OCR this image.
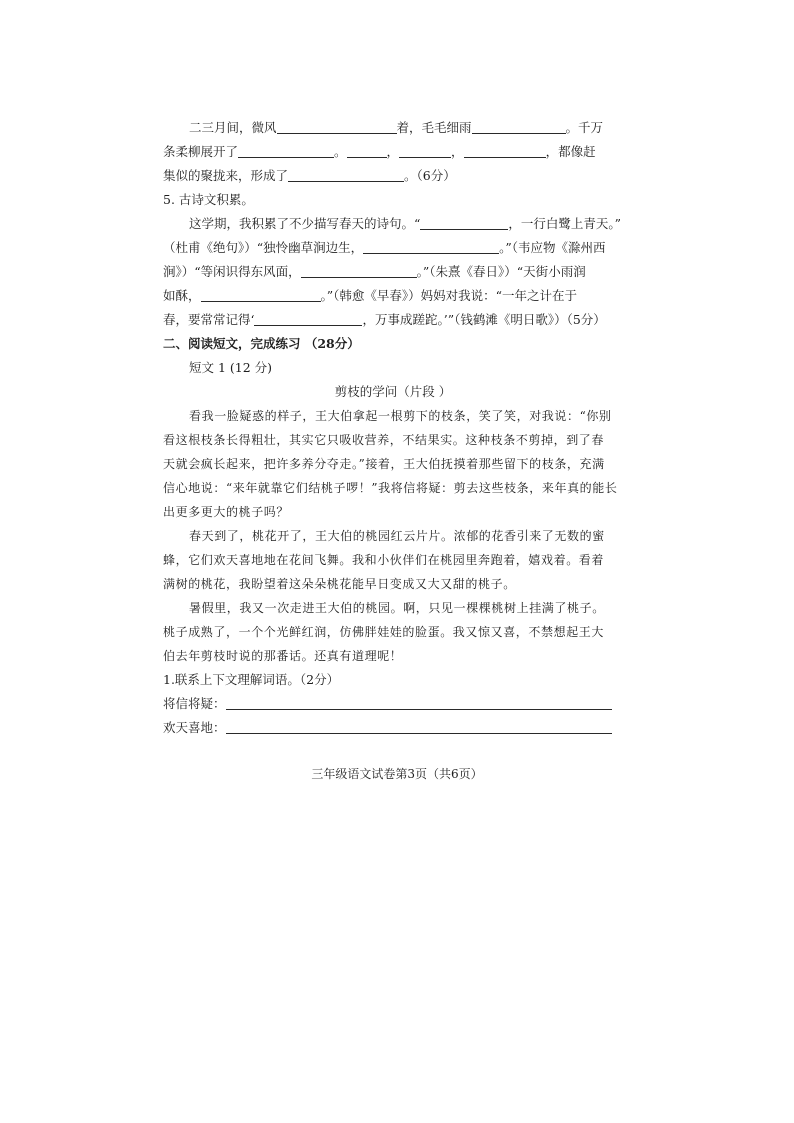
二三月间，微风	着，毛毛细雨	。千万
条柔柳展开了	。	，	，	，都像赶
集似的聚拢来，形成了	。（6分）
5. 古诗文积累。
这学期，我积累了不少描写春天的诗句。“	，一行白鹭上青天。”
（杜甫《绝句》）“独怜幽草涧边生，	。”（韦应物《滁州西
涧》）“等闲识得东风面，	。”（朱熹《春日》）“天街小雨润
如酥，	。”（韩愈《早春》）妈妈对我说：“一年之计在于
春，要常常记得‘	，万事成蹉跎。’”（钱鹤滩《明日歌》）（5分）
二、阅读短文，完成练习 （28分）
短文 1 (12 分)
剪枝的学问（片段 ）
看我一脸疑惑的样子，王大伯拿起一根剪下的枝条，笑了笑，对我说：“你别
看这根枝条长得粗壮，其实它只吸收营养，不结果实。这种枝条不剪掉，到了春
天就会疯长起来，把许多养分夺走。”接着，王大伯抚摸着那些留下的枝条，充满
信心地说：“来年就靠它们结桃子啰！”我将信将疑：剪去这些枝条，来年真的能长
出更多更大的桃子吗？
春天到了，桃花开了，王大伯的桃园红云片片。浓郁的花香引来了无数的蜜
蜂，它们欢天喜地地在花间飞舞。我和小伙伴们在桃园里奔跑着，嬉戏着。看着
满树的桃花，我盼望着这朵朵桃花能早日变成又大又甜的桃子。
暑假里，我又一次走进王大伯的桃园。啊，只见一棵棵桃树上挂满了桃子。
桃子成熟了，一个个光鲜红润，仿佛胖娃娃的脸蛋。我又惊又喜，不禁想起王大
伯去年剪枝时说的那番话。还真有道理呢！
1.联系上下文理解词语。（2分）
将信将疑：
欢天喜地：
三年级语文试卷第3页（共6页）
